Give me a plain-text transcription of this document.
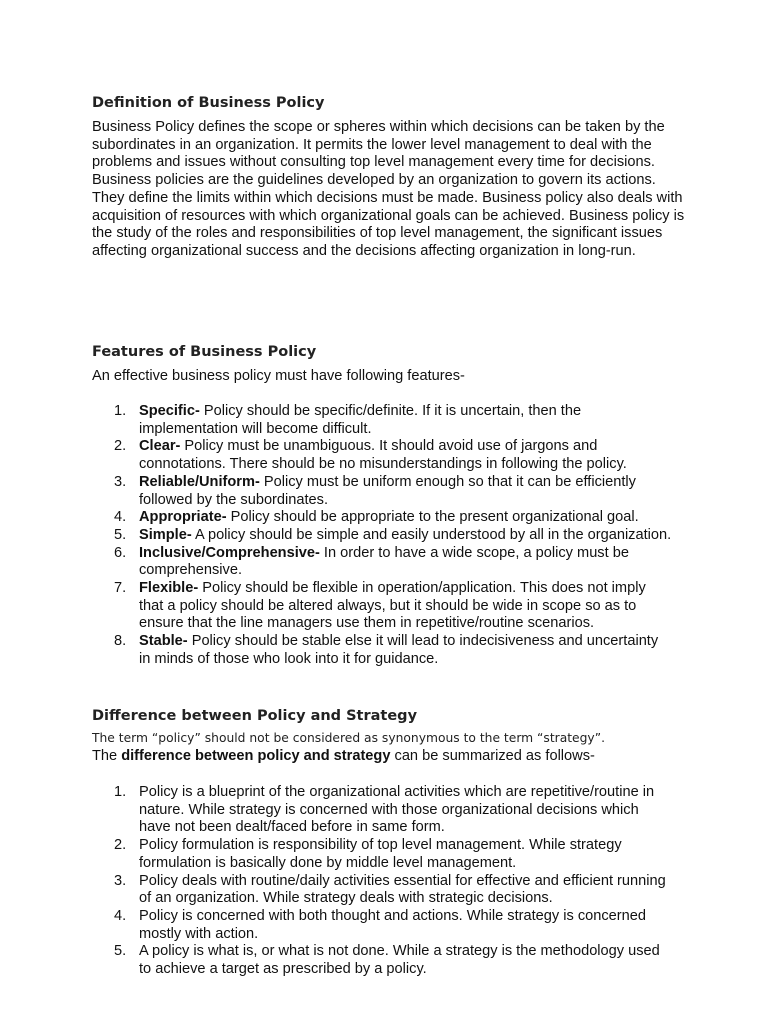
Definition of Business Policy

Business Policy defines the scope or spheres within which decisions can be taken by the subordinates in an organization. It permits the lower level management to deal with the problems and issues without consulting top level management every time for decisions. Business policies are the guidelines developed by an organization to govern its actions. They define the limits within which decisions must be made. Business policy also deals with acquisition of resources with which organizational goals can be achieved. Business policy is the study of the roles and responsibilities of top level management, the significant issues affecting organizational success and the decisions affecting organization in long-run.

Features of Business Policy

An effective business policy must have following features-

1. Specific- Policy should be specific/definite. If it is uncertain, then the implementation will become difficult.
2. Clear- Policy must be unambiguous. It should avoid use of jargons and connotations. There should be no misunderstandings in following the policy.
3. Reliable/Uniform- Policy must be uniform enough so that it can be efficiently followed by the subordinates.
4. Appropriate- Policy should be appropriate to the present organizational goal.
5. Simple- A policy should be simple and easily understood by all in the organization.
6. Inclusive/Comprehensive- In order to have a wide scope, a policy must be comprehensive.
7. Flexible- Policy should be flexible in operation/application. This does not imply that a policy should be altered always, but it should be wide in scope so as to ensure that the line managers use them in repetitive/routine scenarios.
8. Stable- Policy should be stable else it will lead to indecisiveness and uncertainty in minds of those who look into it for guidance.
Difference between Policy and Strategy

The term “policy” should not be considered as synonymous to the term “strategy”.

The difference between policy and strategy can be summarized as follows-

1. Policy is a blueprint of the organizational activities which are repetitive/routine in nature. While strategy is concerned with those organizational decisions which have not been dealt/faced before in same form.
2. Policy formulation is responsibility of top level management. While strategy formulation is basically done by middle level management.
3. Policy deals with routine/daily activities essential for effective and efficient running of an organization. While strategy deals with strategic decisions.
4. Policy is concerned with both thought and actions. While strategy is concerned mostly with action.
5. A policy is what is, or what is not done. While a strategy is the methodology used to achieve a target as prescribed by a policy.
